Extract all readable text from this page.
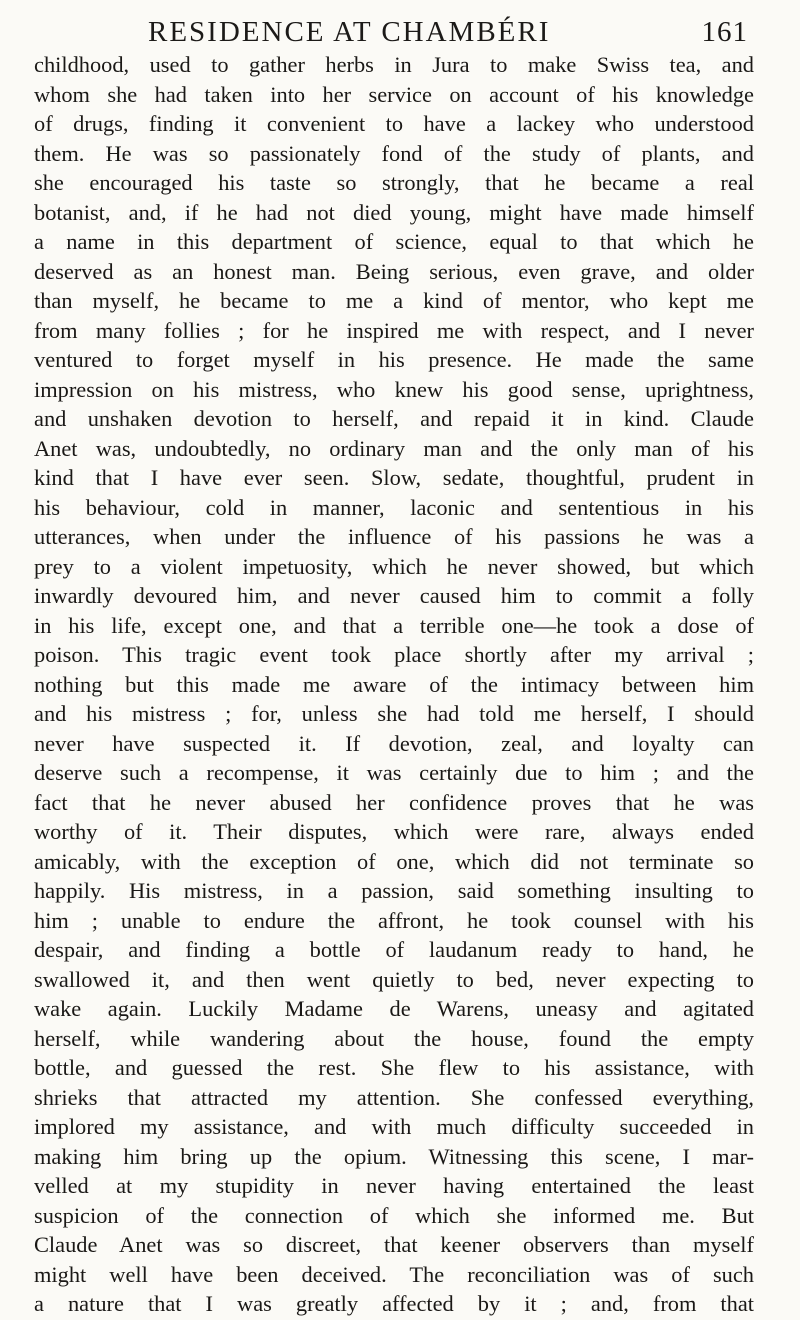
RESIDENCE AT CHAMBÉRI	161
childhood, used to gather herbs in Jura to make Swiss tea, and
whom she had taken into her service on account of his knowledge
of drugs, finding it convenient to have a lackey who understood
them. He was so passionately fond of the study of plants, and
she encouraged his taste so strongly, that he became a real
botanist, and, if he had not died young, might have made himself
a name in this department of science, equal to that which he
deserved as an honest man. Being serious, even grave, and older
than myself, he became to me a kind of mentor, who kept me
from many follies ; for he inspired me with respect, and I never
ventured to forget myself in his presence. He made the same
impression on his mistress, who knew his good sense, uprightness,
and unshaken devotion to herself, and repaid it in kind. Claude
Anet was, undoubtedly, no ordinary man and the only man of his
kind that I have ever seen. Slow, sedate, thoughtful, prudent in
his behaviour, cold in manner, laconic and sententious in his
utterances, when under the influence of his passions he was a
prey to a violent impetuosity, which he never showed, but which
inwardly devoured him, and never caused him to commit a folly
in his life, except one, and that a terrible one—he took a dose of
poison. This tragic event took place shortly after my arrival ;
nothing but this made me aware of the intimacy between him
and his mistress ; for, unless she had told me herself, I should
never have suspected it. If devotion, zeal, and loyalty can
deserve such a recompense, it was certainly due to him ; and the
fact that he never abused her confidence proves that he was
worthy of it. Their disputes, which were rare, always ended
amicably, with the exception of one, which did not terminate so
happily. His mistress, in a passion, said something insulting to
him ; unable to endure the affront, he took counsel with his
despair, and finding a bottle of laudanum ready to hand, he
swallowed it, and then went quietly to bed, never expecting to
wake again. Luckily Madame de Warens, uneasy and agitated
herself, while wandering about the house, found the empty
bottle, and guessed the rest. She flew to his assistance, with
shrieks that attracted my attention. She confessed everything,
implored my assistance, and with much difficulty succeeded in
making him bring up the opium. Witnessing this scene, I mar-
velled at my stupidity in never having entertained the least
suspicion of the connection of which she informed me. But
Claude Anet was so discreet, that keener observers than myself
might well have been deceived. The reconciliation was of such
a nature that I was greatly affected by it ; and, from that
